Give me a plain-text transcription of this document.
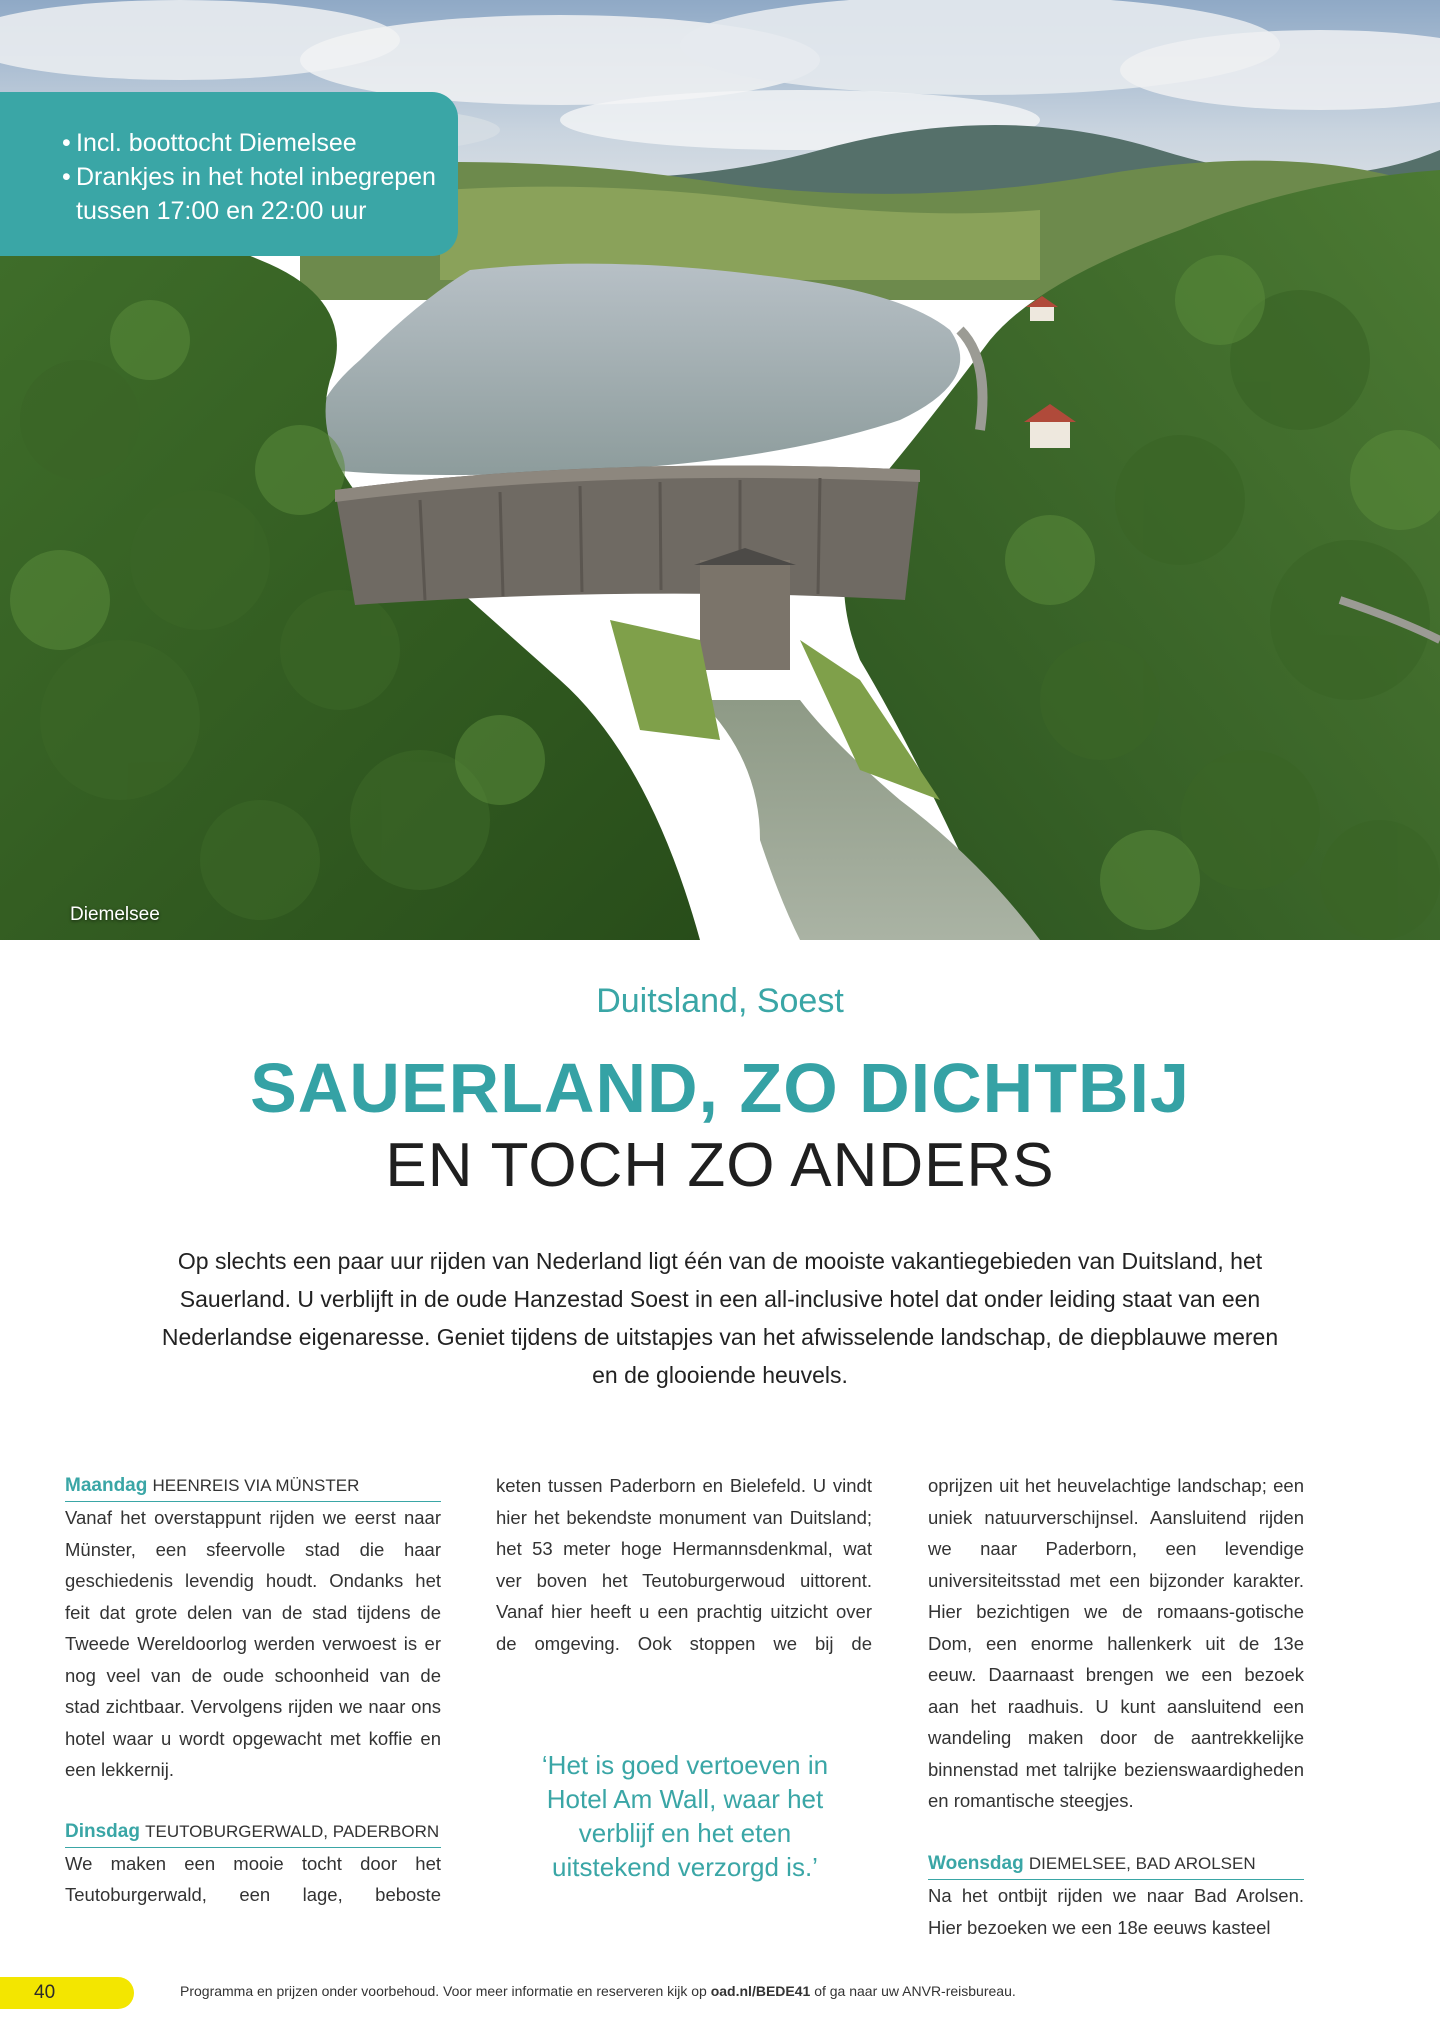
• Incl. boottocht Diemelsee
• Drankjes in het hotel inbegrepen tussen 17:00 en 22:00 uur
Diemelsee
Duitsland, Soest
SAUERLAND, ZO DICHTBIJ
EN TOCH ZO ANDERS

Op slechts een paar uur rijden van Nederland ligt één van de mooiste vakantiegebieden van Duitsland, het Sauerland. U verblijft in de oude Hanzestad Soest in een all-inclusive hotel dat onder leiding staat van een Nederlandse eigenaresse. Geniet tijdens de uitstapjes van het afwisselende landschap, de diepblauwe meren en de glooiende heuvels.

Maandag HEENREIS VIA MÜNSTER

Vanaf het overstappunt rijden we eerst naar Münster, een sfeervolle stad die haar geschiedenis levendig houdt. Ondanks het feit dat grote delen van de stad tijdens de Tweede Wereldoorlog werden verwoest is er nog veel van de oude schoonheid van de stad zichtbaar. Vervolgens rijden we naar ons hotel waar u wordt opgewacht met koffie en een lekkernij.

Dinsdag TEUTOBURGERWALD, PADERBORN

We maken een mooie tocht door het Teutoburgerwald, een lage, beboste

keten tussen Paderborn en Bielefeld. U vindt hier het bekendste monument van Duitsland; het 53 meter hoge Hermannsdenkmal, wat ver boven het Teutoburgerwoud uittorent. Vanaf hier heeft u een prachtig uitzicht over de omgeving. Ook stoppen we bij de

‘Het is goed vertoeven in Hotel Am Wall, waar het verblijf en het eten uitstekend verzorgd is.’

oprijzen uit het heuvelachtige landschap; een uniek natuurverschijnsel. Aansluitend rijden we naar Paderborn, een levendige universiteitsstad met een bijzonder karakter. Hier bezichtigen we de romaans-gotische Dom, een enorme hallenkerk uit de 13e eeuw. Daarnaast brengen we een bezoek aan het raadhuis. U kunt aansluitend een wandeling maken door de aantrekkelijke binnenstad met talrijke bezienswaardigheden en romantische steegjes.

Woensdag DIEMELSEE, BAD AROLSEN

Na het ontbijt rijden we naar Bad Arolsen. Hier bezoeken we een 18e eeuws kasteel

40	Programma en prijzen onder voorbehoud. Voor meer informatie en reserveren kijk op oad.nl/BEDE41 of ga naar uw ANVR-reisbureau.
